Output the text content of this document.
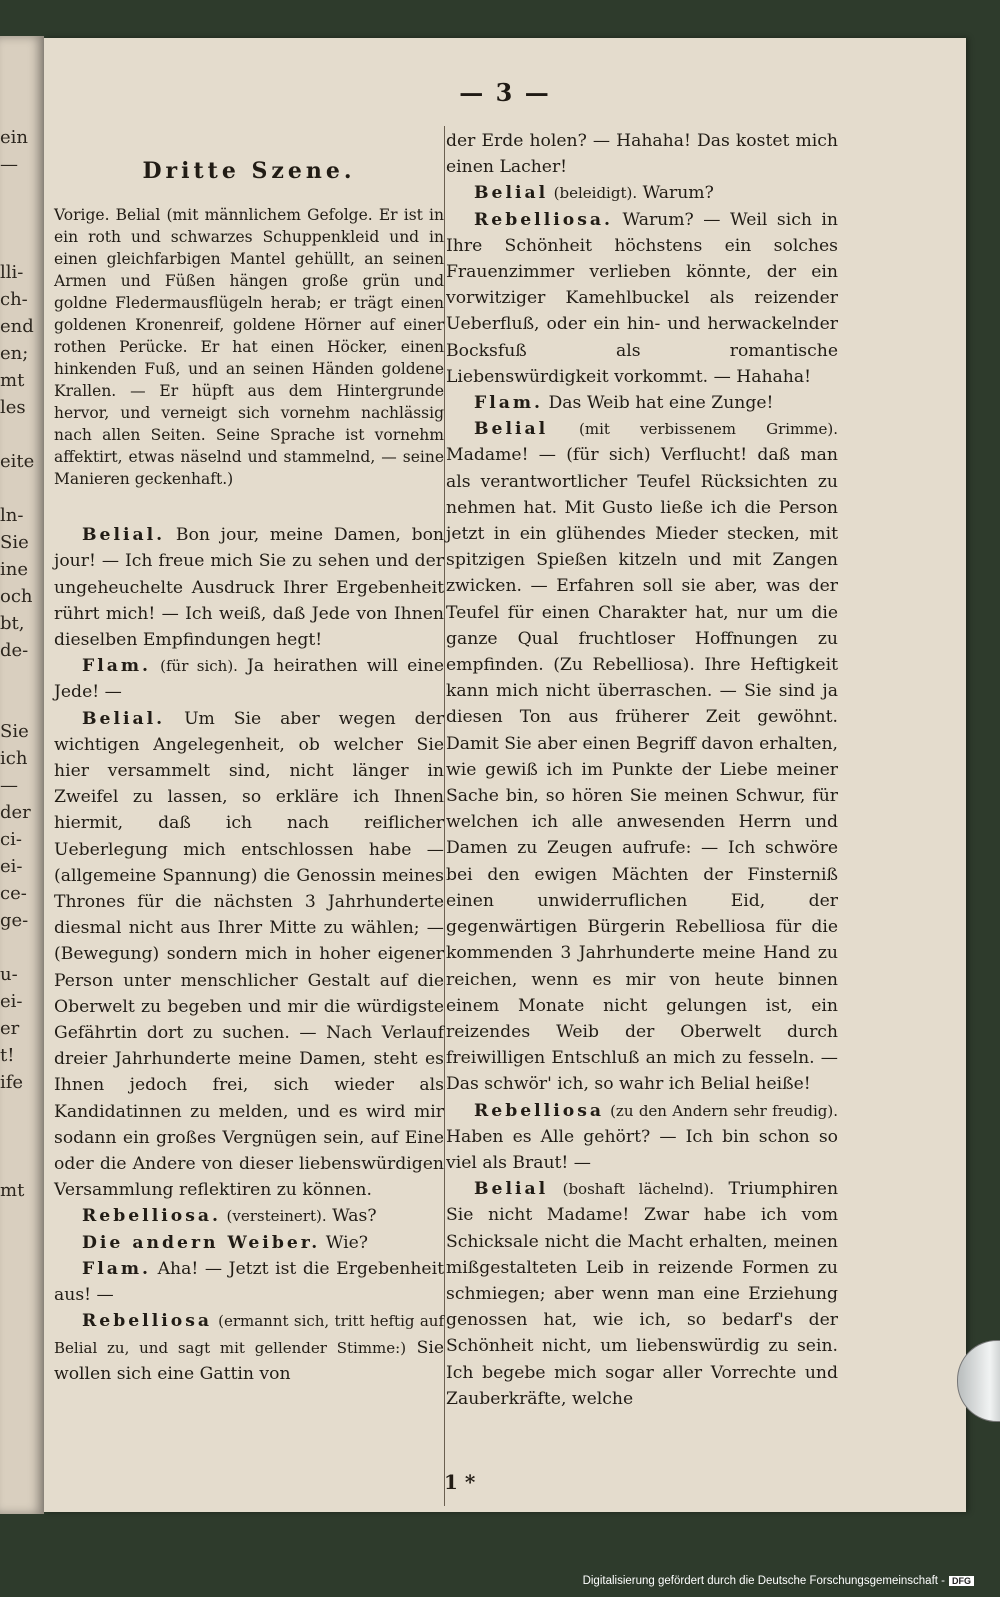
ein
—

lli-
ch-
end
en;
mt
les

eite

ln-
Sie
ine
och
bt,
de-

Sie
ich
—
der
ci-
ei-
ce-
ge-

u-
ei-
er
t!
ife

mt
— 3 —
Dritte Szene.
Vorige. Belial (mit männlichem Gefolge. Er ist in ein roth und schwarzes Schuppenkleid und in einen gleichfarbigen Mantel gehüllt, an seinen Armen und Füßen hängen große grün und goldne Fledermausflügeln herab; er trägt einen goldenen Kronenreif, goldene Hörner auf einer rothen Perücke. Er hat einen Höcker, einen hinkenden Fuß, und an seinen Händen goldene Krallen. — Er hüpft aus dem Hintergrunde hervor, und verneigt sich vornehm nachlässig nach allen Seiten. Seine Sprache ist vornehm affektirt, etwas näselnd und stammelnd, — seine Manieren geckenhaft.)

Belial. Bon jour, meine Damen, bon jour! — Ich freue mich Sie zu sehen und der ungeheuchelte Ausdruck Ihrer Ergebenheit rührt mich! — Ich weiß, daß Jede von Ihnen dieselben Empfindungen hegt!

Flam. (für sich). Ja heirathen will eine Jede! —

Belial. Um Sie aber wegen der wichtigen Angelegenheit, ob welcher Sie hier versammelt sind, nicht länger in Zweifel zu lassen, so erkläre ich Ihnen hiermit, daß ich nach reiflicher Ueberlegung mich entschlossen habe — (allgemeine Spannung) die Genossin meines Thrones für die nächsten 3 Jahrhunderte diesmal nicht aus Ihrer Mitte zu wählen; — (Bewegung) sondern mich in hoher eigener Person unter menschlicher Gestalt auf die Oberwelt zu begeben und mir die würdigste Gefährtin dort zu suchen. — Nach Verlauf dreier Jahrhunderte meine Damen, steht es Ihnen jedoch frei, sich wieder als Kandidatinnen zu melden, und es wird mir sodann ein großes Vergnügen sein, auf Eine oder die Andere von dieser liebenswürdigen Versammlung reflektiren zu können.

Rebelliosa. (versteinert). Was?

Die andern Weiber. Wie?

Flam. Aha! — Jetzt ist die Ergebenheit aus! —

Rebelliosa (ermannt sich, tritt heftig auf Belial zu, und sagt mit gellender Stimme:) Sie wollen sich eine Gattin von

der Erde holen? — Hahaha! Das kostet mich einen Lacher!

Belial (beleidigt). Warum?

Rebelliosa. Warum? — Weil sich in Ihre Schönheit höchstens ein solches Frauenzimmer verlieben könnte, der ein vorwitziger Kamehlbuckel als reizender Ueberfluß, oder ein hin- und herwackelnder Bocksfuß als romantische Liebenswürdigkeit vorkommt. — Hahaha!

Flam. Das Weib hat eine Zunge!

Belial (mit verbissenem Grimme). Madame! — (für sich) Verflucht! daß man als verantwortlicher Teufel Rücksichten zu nehmen hat. Mit Gusto ließe ich die Person jetzt in ein glühendes Mieder stecken, mit spitzigen Spießen kitzeln und mit Zangen zwicken. — Erfahren soll sie aber, was der Teufel für einen Charakter hat, nur um die ganze Qual fruchtloser Hoffnungen zu empfinden. (Zu Rebelliosa). Ihre Heftigkeit kann mich nicht überraschen. — Sie sind ja diesen Ton aus früherer Zeit gewöhnt. Damit Sie aber einen Begriff davon erhalten, wie gewiß ich im Punkte der Liebe meiner Sache bin, so hören Sie meinen Schwur, für welchen ich alle anwesenden Herrn und Damen zu Zeugen aufrufe: — Ich schwöre bei den ewigen Mächten der Finsterniß einen unwiderruflichen Eid, der gegenwärtigen Bürgerin Rebelliosa für die kommenden 3 Jahrhunderte meine Hand zu reichen, wenn es mir von heute binnen einem Monate nicht gelungen ist, ein reizendes Weib der Oberwelt durch freiwilligen Entschluß an mich zu fesseln. — Das schwör' ich, so wahr ich Belial heiße!

Rebelliosa (zu den Andern sehr freudig). Haben es Alle gehört? — Ich bin schon so viel als Braut! —

Belial (boshaft lächelnd). Triumphiren Sie nicht Madame! Zwar habe ich vom Schicksale nicht die Macht erhalten, meinen mißgestalteten Leib in reizende Formen zu schmiegen; aber wenn man eine Erziehung genossen hat, wie ich, so bedarf's der Schönheit nicht, um liebenswürdig zu sein. Ich begebe mich sogar aller Vorrechte und Zauberkräfte, welche

1 *
Digitalisierung gefördert durch die Deutsche Forschungsgemeinschaft - DFG
